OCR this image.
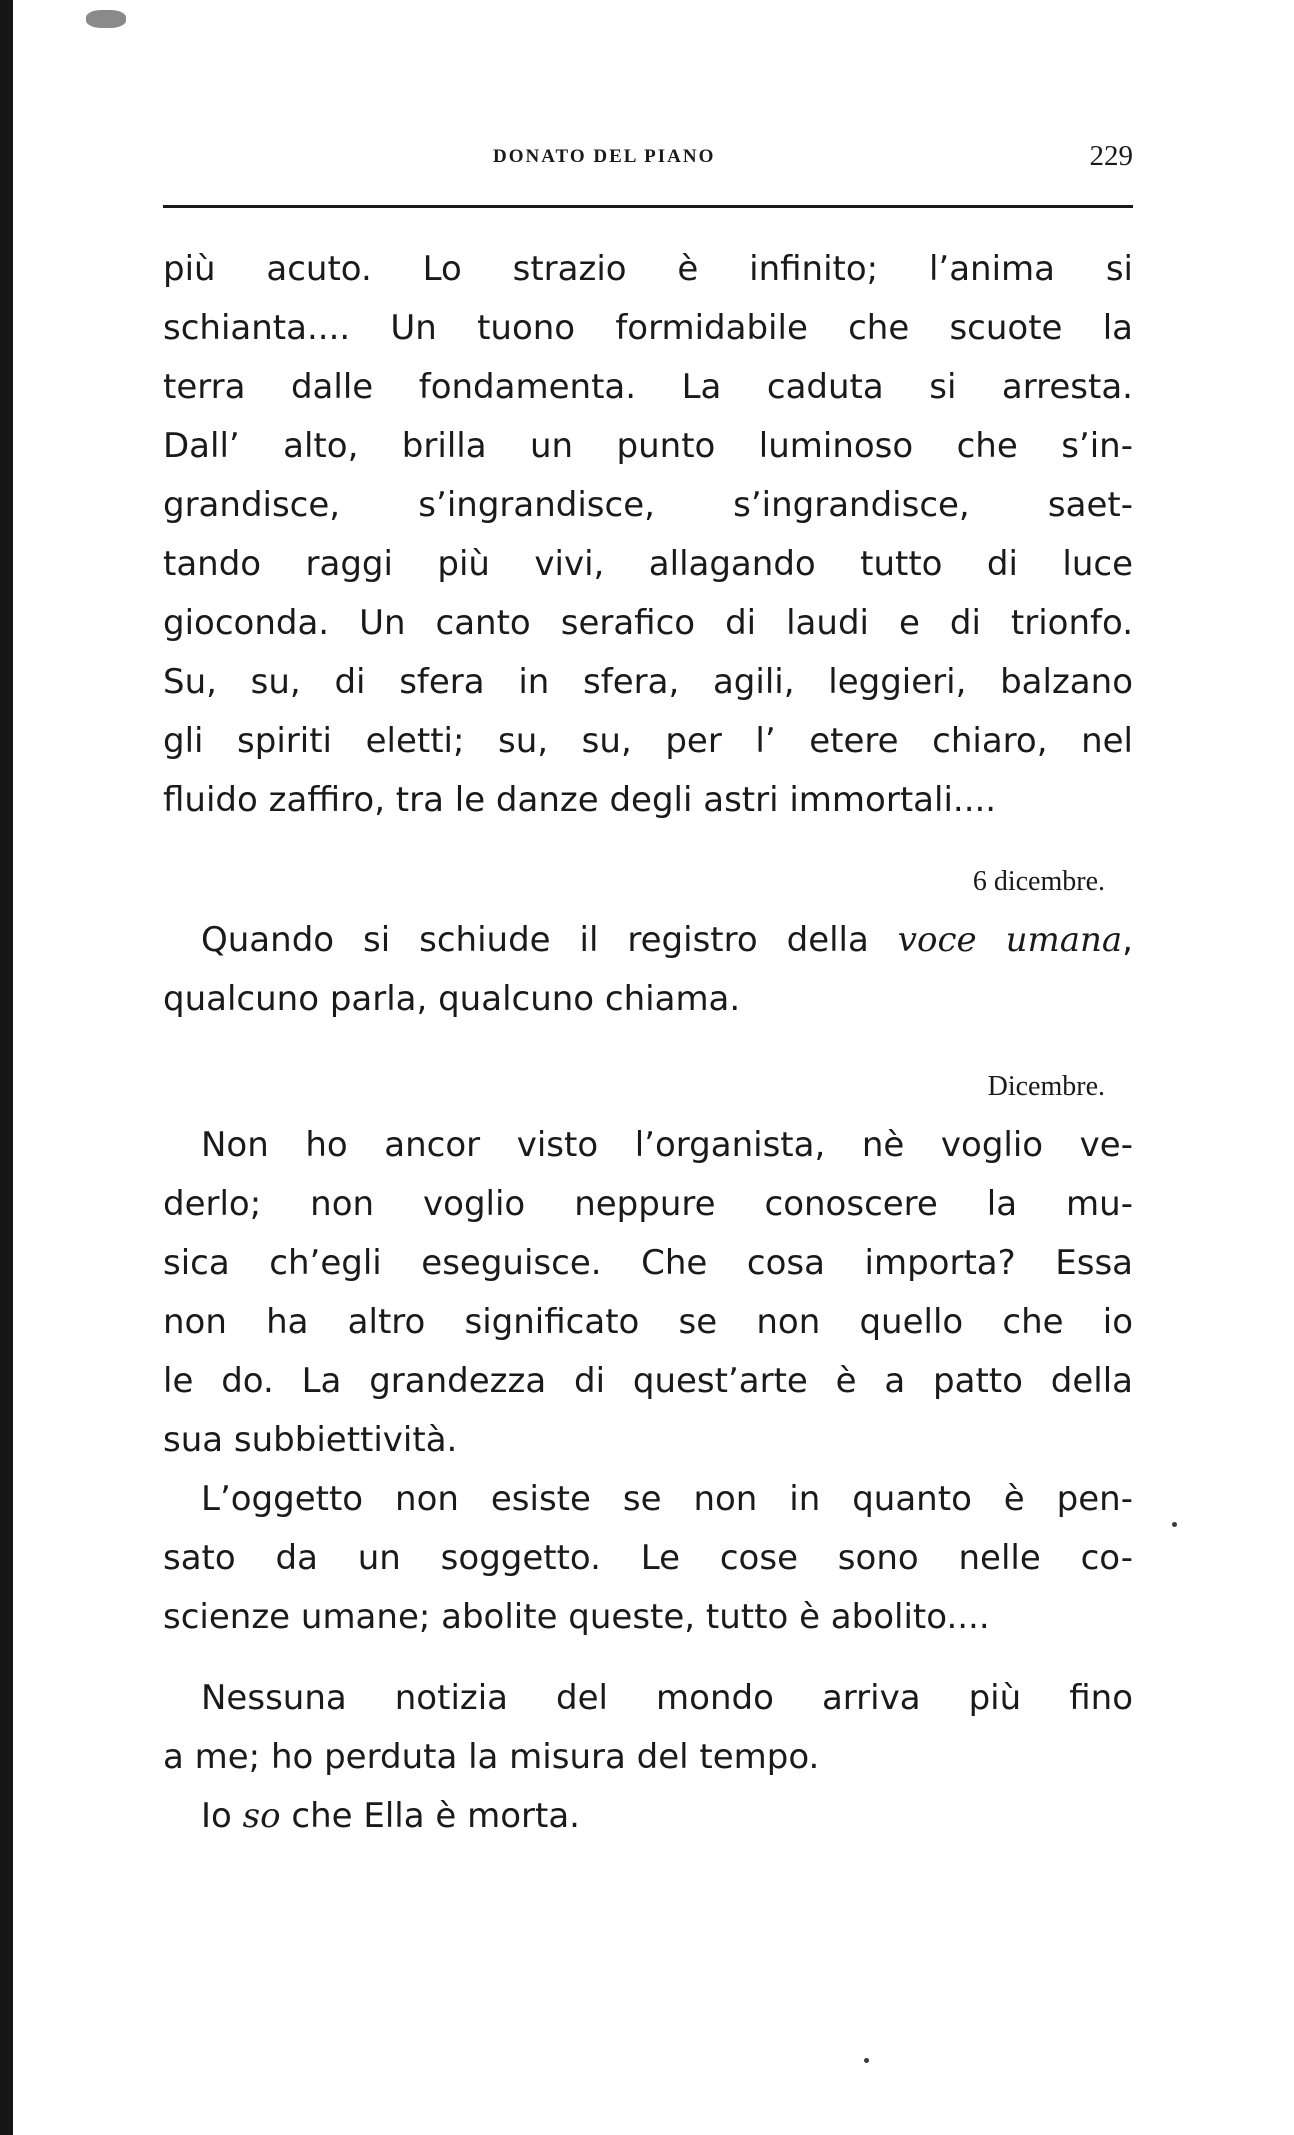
DONATO DEL PIANO	229
più acuto. Lo strazio è infinito; l’anima si
schianta.... Un tuono formidabile che scuote la
terra dalle fondamenta. La caduta si arresta.
Dall’ alto, brilla un punto luminoso che s’in-
grandisce, s’ingrandisce, s’ingrandisce, saet-
tando raggi più vivi, allagando tutto di luce
gioconda. Un canto serafico di laudi e di trionfo.
Su, su, di sfera in sfera, agili, leggieri, balzano
gli spiriti eletti; su, su, per l’ etere chiaro, nel
fluido zaffiro, tra le danze degli astri immortali....
6 dicembre.
Quando si schiude il registro della voce umana,
qualcuno parla, qualcuno chiama.
Dicembre.
Non ho ancor visto l’organista, nè voglio ve-
derlo; non voglio neppure conoscere la mu-
sica ch’egli eseguisce. Che cosa importa? Essa
non ha altro significato se non quello che io
le do. La grandezza di quest’arte è a patto della
sua subbiettività.
L’oggetto non esiste se non in quanto è pen-
sato da un soggetto. Le cose sono nelle co-
scienze umane; abolite queste, tutto è abolito....
Nessuna notizia del mondo arriva più fino
a me; ho perduta la misura del tempo.
Io so che Ella è morta.
